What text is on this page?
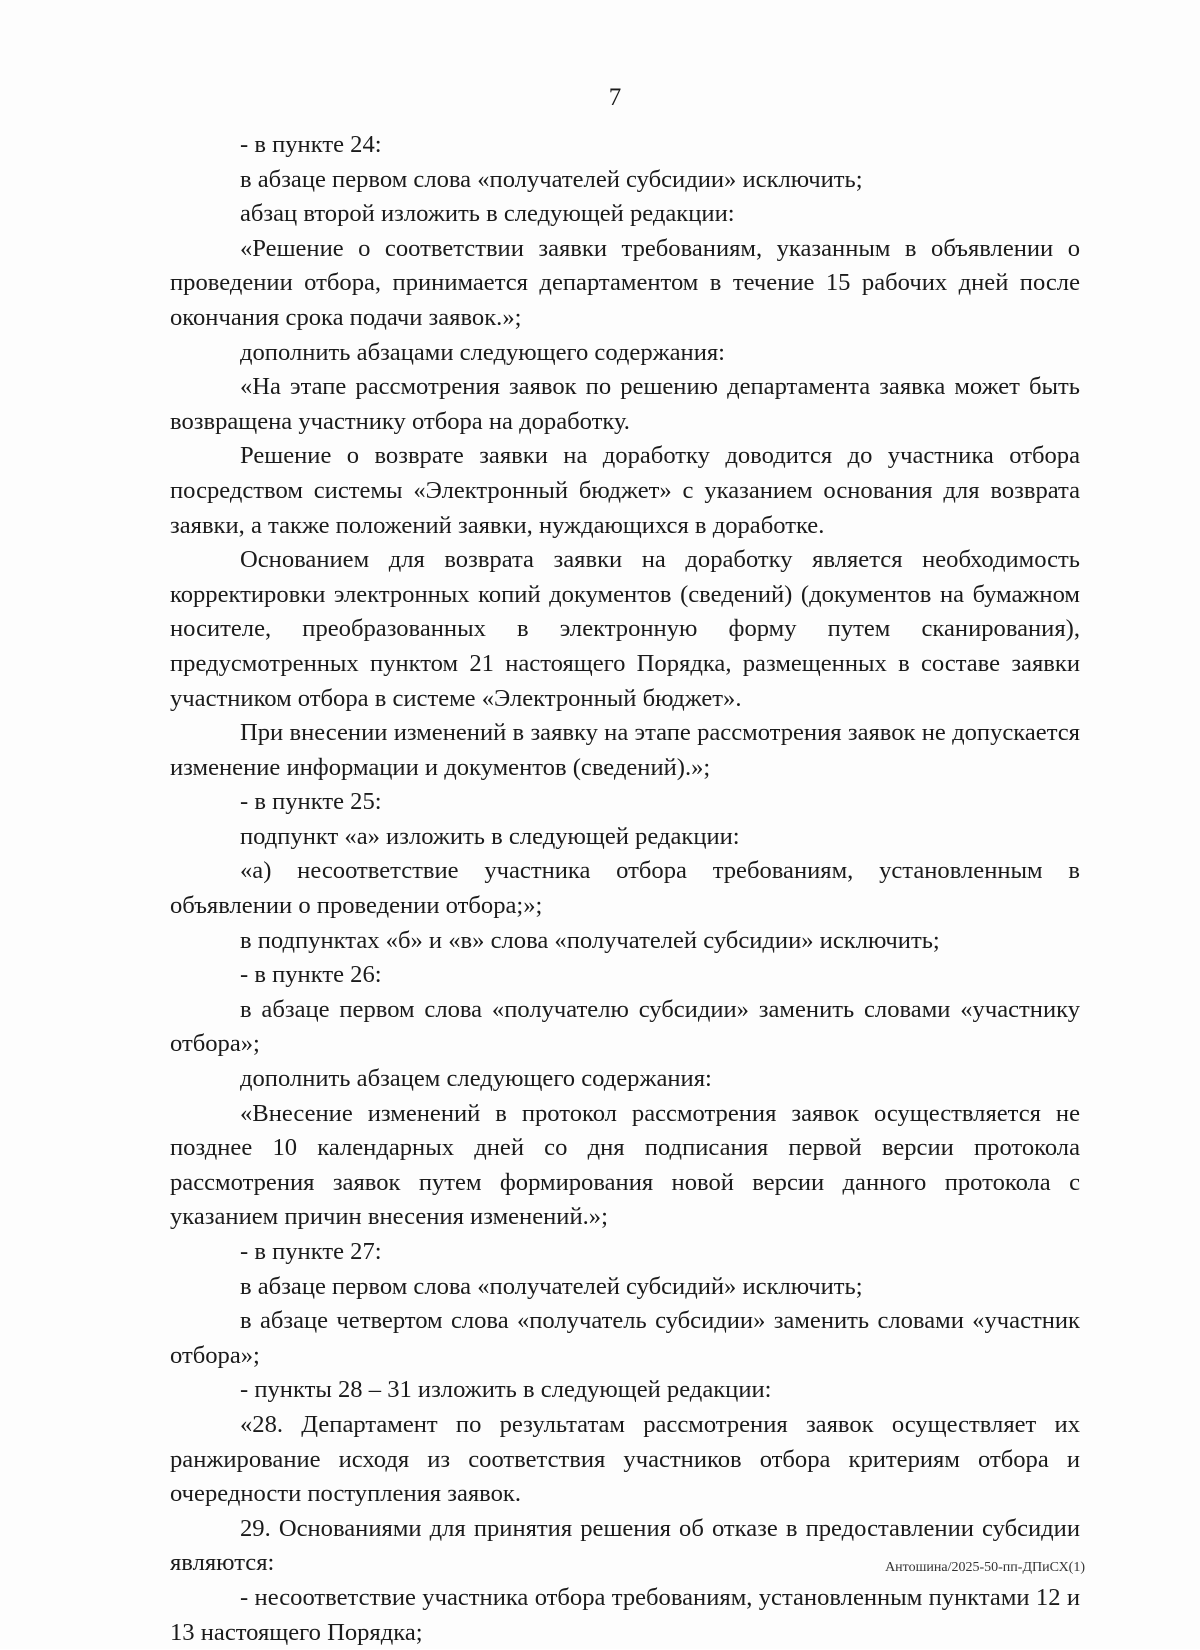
7

- в пункте 24:

в абзаце первом слова «получателей субсидии» исключить;

абзац второй изложить в следующей редакции:

«Решение о соответствии заявки требованиям, указанным в объявлении о проведении отбора, принимается департаментом в течение 15 рабочих дней после окончания срока подачи заявок.»;

дополнить абзацами следующего содержания:

«На этапе рассмотрения заявок по решению департамента заявка может быть возвращена участнику отбора на доработку.

Решение о возврате заявки на доработку доводится до участника отбора посредством системы «Электронный бюджет» с указанием основания для возврата заявки, а также положений заявки, нуждающихся в доработке.

Основанием для возврата заявки на доработку является необходимость корректировки электронных копий документов (сведений) (документов на бумажном носителе, преобразованных в электронную форму путем сканирования), предусмотренных пунктом 21 настоящего Порядка, размещенных в составе заявки участником отбора в системе «Электронный бюджет».

При внесении изменений в заявку на этапе рассмотрения заявок не допускается изменение информации и документов (сведений).»;

- в пункте 25:

подпункт «а» изложить в следующей редакции:

«а) несоответствие участника отбора требованиям, установленным в объявлении о проведении отбора;»;

в подпунктах «б» и «в» слова «получателей субсидии» исключить;

- в пункте 26:

в абзаце первом слова «получателю субсидии» заменить словами «участнику отбора»;

дополнить абзацем следующего содержания:

«Внесение изменений в протокол рассмотрения заявок осуществляется не позднее 10 календарных дней со дня подписания первой версии протокола рассмотрения заявок путем формирования новой версии данного протокола с указанием причин внесения изменений.»;

- в пункте 27:

в абзаце первом слова «получателей субсидий» исключить;

в абзаце четвертом слова «получатель субсидии» заменить словами «участник отбора»;

- пункты 28 – 31 изложить в следующей редакции:

«28. Департамент по результатам рассмотрения заявок осуществляет их ранжирование исходя из соответствия участников отбора критериям отбора и очередности поступления заявок.

29. Основаниями для принятия решения об отказе в предоставлении субсидии являются:

- несоответствие участника отбора требованиям, установленным пунктами 12 и 13 настоящего Порядка;

Антошина/2025-50-пп-ДПиСХ(1)
